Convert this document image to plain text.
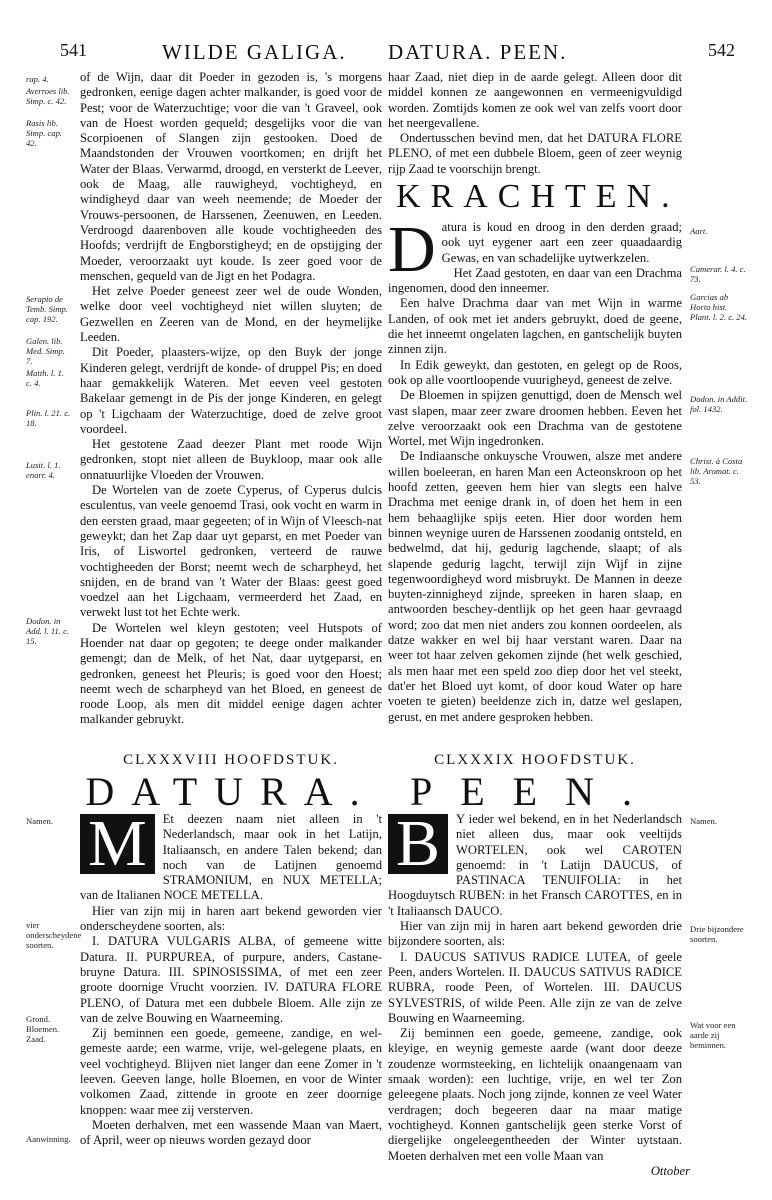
541	WILDE GALIGA. DATURA. PEEN.	542
rap. 4.
Averroes lib. Simp. c. 42.
Rasis lib. Simp. cap. 42.
Serapio de Temb. Simp. cap. 192.
Galen. lib. Med. Simp. 7.
Matth. l. 1. c. 4.
Plin. l. 21. c. 18.
Lusit. l. 1. enarr. 4.
Dodon. in Add. l. 11. c. 15.

of de Wijn, daar dit Poeder in gezoden is, 's morgens gedronken, eenige dagen achter malkander, is goed voor de Pest; voor de Waterzuchtige; voor die van 't Graveel, ook van de Hoest worden gequeld; desgelijks voor die van Scorpioenen of Slangen zijn gestooken. Doed de Maandstonden der Vrouwen voortkomen; en drijft het Water der Blaas. Verwarmd, droogd, en versterkt de Leever, ook de Maag, alle rauwigheyd, vochtigheyd, en windigheyd daar van weeh neemende; de Moeder der Vrouws-persoonen, de Harssenen, Zeenuwen, en Leeden. Verdroogd daarenboven alle koude vochtigheeden des Hoofds; verdrijft de Engborstigheyd; en de opstijging der Moeder, veroorzaakt uyt koude. Is zeer goed voor de menschen, gequeld van de Jigt en het Podagra.

Het zelve Poeder geneest zeer wel de oude Wonden, welke door veel vochtigheyd niet willen sluyten; de Gezwellen en Zeeren van de Mond, en der heymelijke Leeden.

Dit Poeder, plaasters-wijze, op den Buyk der jonge Kinderen gelegt, verdrijft de konde- of druppel Pis; en doed haar gemakkelijk Wateren. Met eeven veel gestoten Bakelaar gemengt in de Pis der jonge Kinderen, en gelegt op 't Ligchaam der Waterzuchtige, doed de zelve groot voordeel.

Het gestotene Zaad deezer Plant met roode Wijn gedronken, stopt niet alleen de Buykloop, maar ook alle onnatuurlijke Vloeden der Vrouwen.

De Wortelen van de zoete Cyperus, of Cyperus dulcis esculentus, van veele genoemd Trasi, ook vocht en warm in den eersten graad, maar gegeeten; of in Wijn of Vleesch-nat geweykt; dan het Zap daar uyt geparst, en met Poeder van Iris, of Liswortel gedronken, verteerd de rauwe vochtigheeden der Borst; neemt wech de scharpheyd, het snijden, en de brand van 't Water der Blaas: geest goed voedzel aan het Ligchaam, vermeerderd het Zaad, en verwekt lust tot het Echte werk.

De Wortelen wel kleyn gestoten; veel Hutspots of Hoender nat daar op gegoten; te deege onder malkander gemengt; dan de Melk, of het Nat, daar uytgeparst, en gedronken, geneest het Pleuris; is goed voor den Hoest; neemt wech de scharpheyd van het Bloed, en geneest de roode Loop, als men dit middel eenige dagen achter malkander gebruykt.

haar Zaad, niet diep in de aarde gelegt. Alleen door dit middel konnen ze aangewonnen en vermeenigvuldigd worden. Zomtijds komen ze ook wel van zelfs voort door het neergevallene.

Ondertusschen bevind men, dat het DATURA FLORE PLENO, of met een dubbele Bloem, geen of zeer weynig rijp Zaad te voorschijn brengt.

KRACHTEN.

Datura is koud en droog in den derden graad; ook uyt eygener aart een zeer quaadaardig Gewas, en van schadelijke uytwerkzelen.

Het Zaad gestoten, en daar van een Drachma ingenomen, dood den inneemer.

Een halve Drachma daar van met Wijn in warme Landen, of ook met iet anders gebruykt, doed de geene, die het inneemt ongelaten lagchen, en gantschelijk buyten zinnen zijn.

In Edik geweykt, dan gestoten, en gelegt op de Roos, ook op alle voortloopende vuurigheyd, geneest de zelve.

De Bloemen in spijzen genuttigd, doen de Mensch wel vast slapen, maar zeer zware droomen hebben. Eeven het zelve veroorzaakt ook een Drachma van de gestotene Wortel, met Wijn ingedronken.

De Indiaansche onkuysche Vrouwen, alsze met andere willen boeleeran, en haren Man een Acteonskroon op het hoofd zetten, geeven hem hier van slegts een halve Drachma met eenige drank in, of doen het hem in een hem behaaglijke spijs eeten. Hier door worden hem binnen weynige uuren de Harssenen zoodanig ontsteld, en bedwelmd, dat hij, gedurig lagchende, slaapt; of als slapende gedurig lagcht, terwijl zijn Wijf in zijne tegenwoordigheyd word misbruykt. De Mannen in deeze buyten-zinnigheyd zijnde, spreeken in haren slaap, en antwoorden beschey-dentlijk op het geen haar gevraagd word; zoo dat men niet anders zou konnen oordeelen, als datze wakker en wel bij haar verstant waren. Daar na weer tot haar zelven gekomen zijnde (het welk geschied, als men haar met een speld zoo diep door het vel steekt, dat'er het Bloed uyt komt, of door koud Water op hare voeten te gieten) beeldenze zich in, datze wel geslapen, gerust, en met andere gesproken hebben.

Aart.
Camerar. l. 4. c. 73.
Garcias ab Horto hist. Plant. l. 2. c. 24.
Dodon. in Addit. fol. 1432.
Christ. à Costa lib. Aromat. c. 53.
CLXXXVIII HOOFDSTUK.
DATURA.
Namen.
vier onderscheydene soorten.
Grond. Bloemen. Zaad.
Aanwinning.

M	Et deezen naam niet alleen in 't Nederlandsch, maar ook in het Latijn, Italiaansch, en andere Talen bekend; dan noch van de Latijnen genoemd STRAMONIUM, en NUX METELLA; van de Italianen NOCE METELLA.

Hier van zijn mij in haren aart bekend geworden vier onderscheydene soorten, als:

I. DATURA VULGARIS ALBA, of gemeene witte Datura. II. PURPUREA, of purpure, anders, Castane-bruyne Datura. III. SPINOSISSIMA, of met een zeer groote doornige Vrucht voorzien. IV. DATURA FLORE PLENO, of Datura met een dubbele Bloem. Alle zijn ze van de zelve Bouwing en Waarneeming.

Zij beminnen een goede, gemeene, zandige, en wel-gemeste aarde; een warme, vrije, wel-gelegene plaats, en veel vochtigheyd. Blijven niet langer dan eene Zomer in 't leeven. Geeven lange, holle Bloemen, en voor de Winter volkomen Zaad, zittende in groote en zeer doornige knoppen: waar mee zij versterven.

Moeten derhalven, met een wassende Maan van Maert, of April, weer op nieuws worden gezayd door

CLXXXIX HOOFDSTUK.
PEEN.

B	Y ieder wel bekend, en in het Nederlandsch niet alleen dus, maar ook veeltijds WORTELEN, ook wel CAROTEN genoemd: in 't Latijn DAUCUS, of PASTINACA TENUIFOLIA: in het Hoogduytsch RUBEN: in het Fransch CAROTTES, en in 't Italiaansch DAUCO.

Hier van zijn mij in haren aart bekend geworden drie bijzondere soorten, als:

I. DAUCUS SATIVUS RADICE LUTEA, of geele Peen, anders Wortelen. II. DAUCUS SATIVUS RADICE RUBRA, roode Peen, of Wortelen. III. DAUCUS SYLVESTRIS, of wilde Peen. Alle zijn ze van de zelve Bouwing en Waarneeming.

Zij beminnen een goede, gemeene, zandige, ook kleyige, en weynig gemeste aarde (want door deeze zoudenze wormsteeking, en lichtelijk onaangenaam van smaak worden): een luchtige, vrije, en wel ter Zon geleegene plaats. Noch jong zijnde, konnen ze veel Water verdragen; doch begeeren daar na maar matige vochtigheyd. Konnen gantschelijk geen sterke Vorst of diergelijke ongeleegentheeden der Winter uytstaan. Moeten derhalven met een volle Maan van

Namen.
Drie bijzondere soorten.
Wat voor een aarde zij beminnen.
Ottober
